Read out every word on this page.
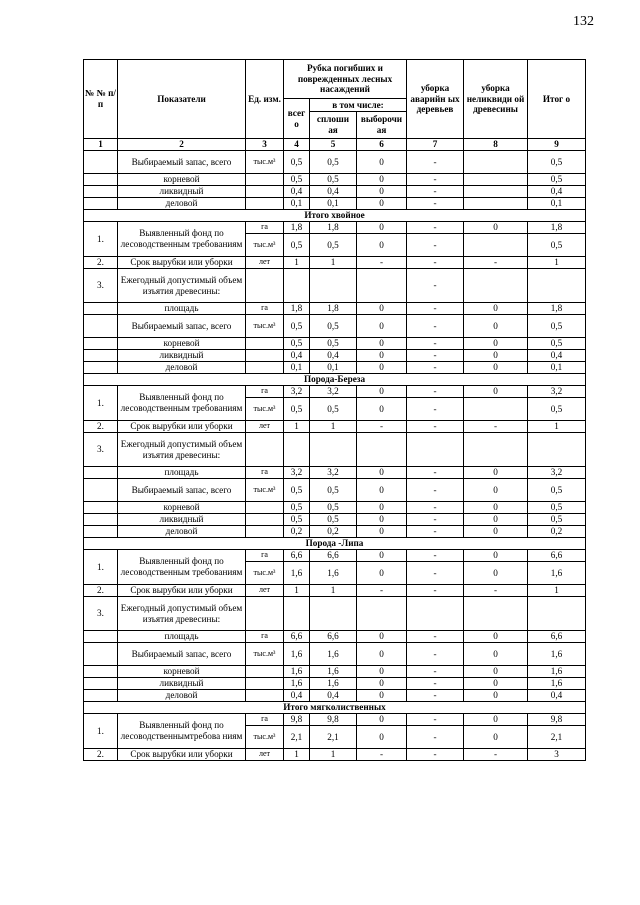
132
№ № п/п	Показатели	Ед. изм.	Рубка погибших и поврежденных лесных насаждений			уборка аварийн ых деревьев	уборка неликвиди ой древесины	Итог о
			всег о	в том числе:				
				сплоши ая	выборочи ая			
1	2	3	4	5	6	7	8	9
	Выбираемый запас, всего	тыс.м³	0,5	0,5	0	-		0,5
	корневой		0,5	0,5	0	-		0,5
	ликвидный		0,4	0,4	0	-		0,4
	деловой		0,1	0,1	0	-		0,1
Итого хвойное								
1.	Выявленный фонд по лесоводственным требованиям	га	1,8	1,8	0	-	0	1,8
		тыс.м³	0,5	0,5	0	-		0,5
2.	Срок вырубки или уборки	лет	1	1	-	-	-	1
3.	Ежегодный допустимый объем изъятия древесины:					-		
	площадь	га	1,8	1,8	0	-	0	1,8
	Выбираемый запас, всего	тыс.м³	0,5	0,5	0	-	0	0,5
	корневой		0,5	0,5	0	-	0	0,5
	ликвидный		0,4	0,4	0	-	0	0,4
	деловой		0,1	0,1	0	-	0	0,1
Порода-Береза								
1.	Выявленный фонд по лесоводственным требованиям	га	3,2	3,2	0	-	0	3,2
		тыс.м³	0,5	0,5	0	-		0,5
2.	Срок вырубки или уборки	лет	1	1	-	-	-	1
3.	Ежегодный допустимый объем изъятия древесины:							
	площадь	га	3,2	3,2	0	-	0	3,2
	Выбираемый запас, всего	тыс.м³	0,5	0,5	0	-	0	0,5
	корневой		0,5	0,5	0	-	0	0,5
	ликвидный		0,5	0,5	0	-	0	0,5
	деловой		0,2	0,2	0	-	0	0,2
Порода -Липа								
1.	Выявленный фонд по лесоводственным требованиям	га	6,6	6,6	0	-	0	6,6
		тыс.м³	1,6	1,6	0	-	0	1,6
2.	Срок вырубки или уборки	лет	1	1	-	-	-	1
3.	Ежегодный допустимый объем изъятия древесины:							
	площадь	га	6,6	6,6	0	-	0	6,6
	Выбираемый запас, всего	тыс.м³	1,6	1,6	0	-	0	1,6
	корневой		1,6	1,6	0	-	0	1,6
	ликвидный		1,6	1,6	0	-	0	1,6
	деловой		0,4	0,4	0	-	0	0,4
Итого мягколиственных								
1.	Выявленный фонд по лесоводственнымтребова ниям	га	9,8	9,8	0	-	0	9,8
		тыс.м³	2,1	2,1	0	-	0	2,1
2.	Срок вырубки или уборки	лет	1	1	-	-	-	3
